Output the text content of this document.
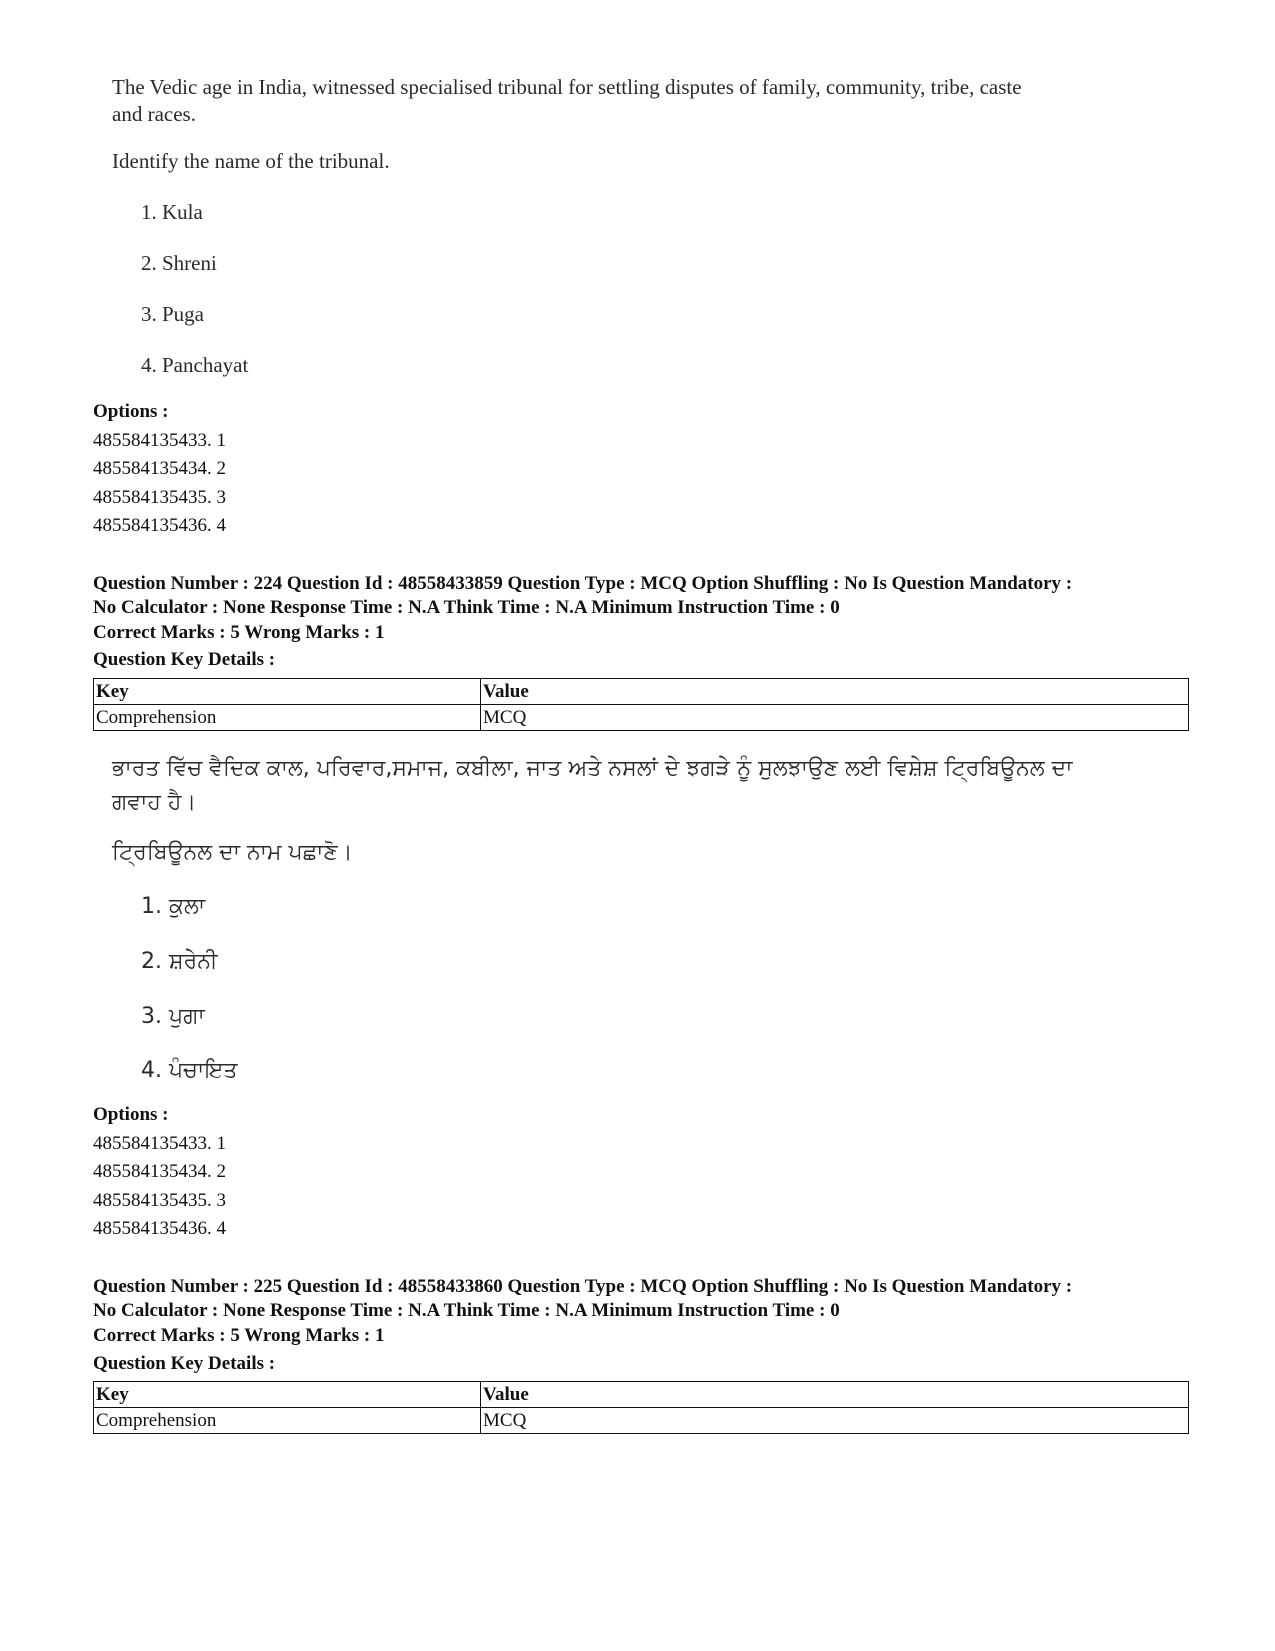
The Vedic age in India, witnessed specialised tribunal for settling disputes of family, community, tribe, caste

and races.

Identify the name of the tribunal.
1. Kula
2. Shreni
3. Puga
4. Panchayat
Options :
485584135433. 1
485584135434. 2
485584135435. 3
485584135436. 4
Question Number : 224 Question Id : 48558433859 Question Type : MCQ Option Shuffling : No Is Question Mandatory :
No Calculator : None Response Time : N.A Think Time : N.A Minimum Instruction Time : 0
Correct Marks : 5 Wrong Marks : 1
Question Key Details :
Key	Value
Comprehension	MCQ

ਭਾਰਤ ਵਿੱਚ ਵੈਦਿਕ ਕਾਲ, ਪਰਿਵਾਰ,ਸਮਾਜ, ਕਬੀਲਾ, ਜਾਤ ਅਤੇ ਨਸਲਾਂ ਦੇ ਝਗੜੇ ਨੂੰ ਸੁਲਝਾਉਣ ਲਈ ਵਿਸ਼ੇਸ਼ ਟ੍ਰਿਬਿਊਨਲ ਦਾ

ਗਵਾਹ ਹੈ।

ਟ੍ਰਿਬਿਊਨਲ ਦਾ ਨਾਮ ਪਛਾਣੋ।
1. ਕੁਲਾ
2. ਸ਼ਰੇਨੀ
3. ਪੁਗਾ
4. ਪੰਚਾਇਤ
Options :
485584135433. 1
485584135434. 2
485584135435. 3
485584135436. 4
Question Number : 225 Question Id : 48558433860 Question Type : MCQ Option Shuffling : No Is Question Mandatory :
No Calculator : None Response Time : N.A Think Time : N.A Minimum Instruction Time : 0
Correct Marks : 5 Wrong Marks : 1
Question Key Details :
Key	Value
Comprehension	MCQ
